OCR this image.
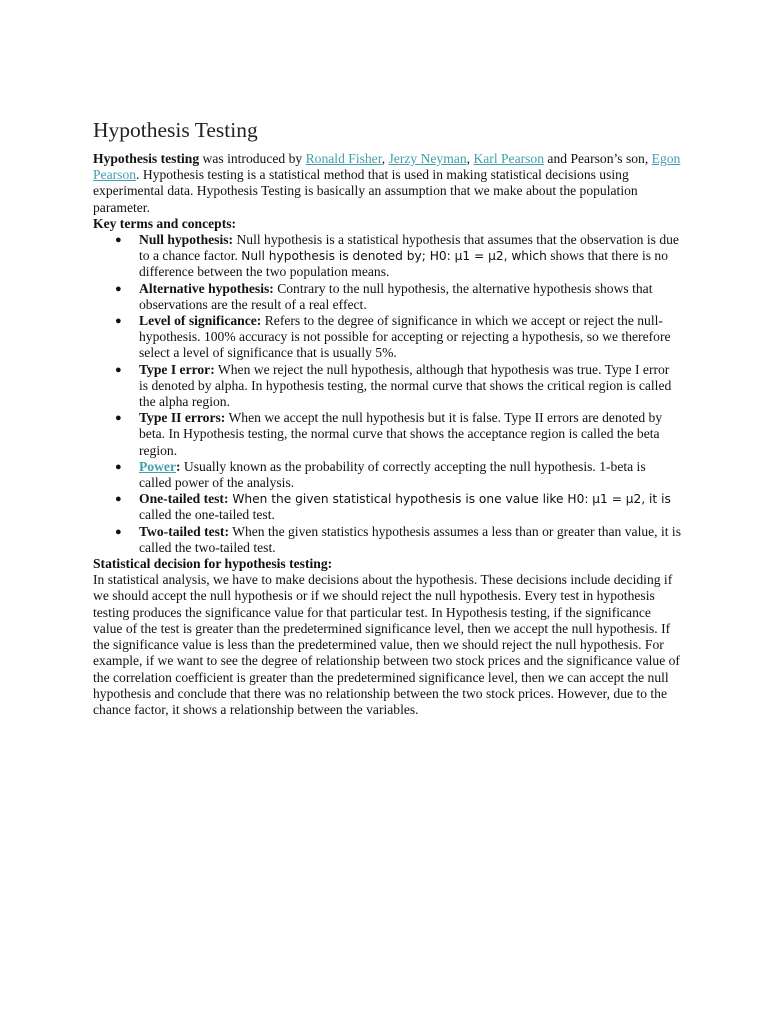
Hypothesis Testing

Hypothesis testing was introduced by Ronald Fisher, Jerzy Neyman, Karl Pearson and Pearson’s son, Egon Pearson. Hypothesis testing is a statistical method that is used in making statistical decisions using experimental data. Hypothesis Testing is basically an assumption that we make about the population parameter.

Key terms and concepts:

● Null hypothesis: Null hypothesis is a statistical hypothesis that assumes that the observation is due to a chance factor. Null hypothesis is denoted by; H0: μ1 = μ2, which shows that there is no difference between the two population means.
● Alternative hypothesis: Contrary to the null hypothesis, the alternative hypothesis shows that observations are the result of a real effect.
● Level of significance: Refers to the degree of significance in which we accept or reject the null-hypothesis. 100% accuracy is not possible for accepting or rejecting a hypothesis, so we therefore select a level of significance that is usually 5%.
● Type I error: When we reject the null hypothesis, although that hypothesis was true. Type I error is denoted by alpha. In hypothesis testing, the normal curve that shows the critical region is called the alpha region.
● Type II errors: When we accept the null hypothesis but it is false. Type II errors are denoted by beta. In Hypothesis testing, the normal curve that shows the acceptance region is called the beta region.
● Power: Usually known as the probability of correctly accepting the null hypothesis. 1-beta is called power of the analysis.
● One-tailed test: When the given statistical hypothesis is one value like H0: μ1 = μ2, it is called the one-tailed test.
● Two-tailed test: When the given statistics hypothesis assumes a less than or greater than value, it is called the two-tailed test.

Statistical decision for hypothesis testing:

In statistical analysis, we have to make decisions about the hypothesis. These decisions include deciding if we should accept the null hypothesis or if we should reject the null hypothesis. Every test in hypothesis testing produces the significance value for that particular test. In Hypothesis testing, if the significance value of the test is greater than the predetermined significance level, then we accept the null hypothesis. If the significance value is less than the predetermined value, then we should reject the null hypothesis. For example, if we want to see the degree of relationship between two stock prices and the significance value of the correlation coefficient is greater than the predetermined significance level, then we can accept the null hypothesis and conclude that there was no relationship between the two stock prices. However, due to the chance factor, it shows a relationship between the variables.
